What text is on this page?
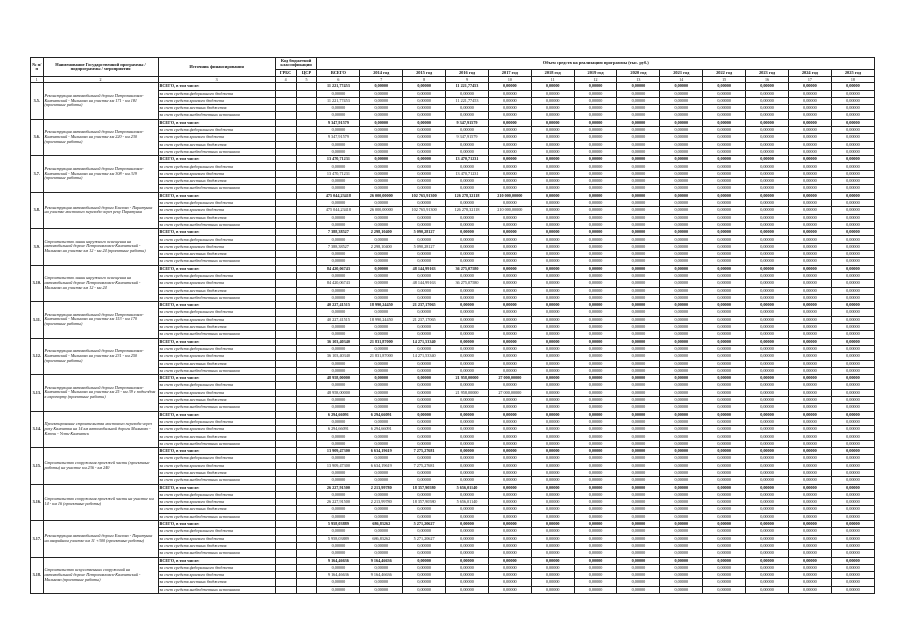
№ п/п	Наименование Государственной программы / подпрограммы / мероприятия	Источник финансирования	Код бюджетной классификации		Объем средств на реализацию программы (тыс. руб.)												
			ГРБС	ЦСР	ВСЕГО	2014 год	2015 год	2016 год	2017 год	2018 год	2019 год	2020 год	2021 год	2022 год	2023 год	2024 год	2025 год

1	2	3	4	5	6	7	8	9	10	11	12	13	14	15	16	17	18
3.5.	Реконструкция автомобильной дороги Петропавловск-Камчатский - Мильково на участке км 171 - км 181 (проектные работы)	ВСЕГО, в том числе:			11 221,77453	0,00000	0,00000	11 221,77453	0,00000	0,00000	0,00000	0,00000	0,00000	0,00000	0,00000	0,00000	0,00000
		за счет средств федерального бюджета			0,00000	0,00000	0,00000	0,00000	0,00000	0,00000	0,00000	0,00000	0,00000	0,00000	0,00000	0,00000	0,00000
		за счет средств краевого бюджета			11 221,77453	0,00000	0,00000	11 221,77453	0,00000	0,00000	0,00000	0,00000	0,00000	0,00000	0,00000	0,00000	0,00000
		за счет средств местных бюджетов			0,00000	0,00000	0,00000	0,00000	0,00000	0,00000	0,00000	0,00000	0,00000	0,00000	0,00000	0,00000	0,00000
		за счет средств внебюджетных источников			0,00000	0,00000	0,00000	0,00000	0,00000	0,00000	0,00000	0,00000	0,00000	0,00000	0,00000	0,00000	0,00000
3.6.	Реконструкция автомобильной дороги Петропавловск-Камчатский - Мильково на участке км 220 - км 230 (проектные работы)	ВСЕГО, в том числе:			9 347,91579	0,00000	0,00000	9 347,91579	0,00000	0,00000	0,00000	0,00000	0,00000	0,00000	0,00000	0,00000	0,00000
		за счет средств федерального бюджета			0,00000	0,00000	0,00000	0,00000	0,00000	0,00000	0,00000	0,00000	0,00000	0,00000	0,00000	0,00000	0,00000
		за счет средств краевого бюджета			9 347,91579	0,00000	0,00000	9 347,91579	0,00000	0,00000	0,00000	0,00000	0,00000	0,00000	0,00000	0,00000	0,00000
		за счет средств местных бюджетов			0,00000	0,00000	0,00000	0,00000	0,00000	0,00000	0,00000	0,00000	0,00000	0,00000	0,00000	0,00000	0,00000
		за счет средств внебюджетных источников			0,00000	0,00000	0,00000	0,00000	0,00000	0,00000	0,00000	0,00000	0,00000	0,00000	0,00000	0,00000	0,00000
3.7.	Реконструкция автомобильной дороги Петропавловск-Камчатский - Мильково на участке км 308 - км 319 (проектные работы)	ВСЕГО, в том числе:			13 470,71231	0,00000	0,00000	13 470,71231	0,00000	0,00000	0,00000	0,00000	0,00000	0,00000	0,00000	0,00000	0,00000
		за счет средств федерального бюджета			0,00000	0,00000	0,00000	0,00000	0,00000	0,00000	0,00000	0,00000	0,00000	0,00000	0,00000	0,00000	0,00000
		за счет средств краевого бюджета			13 470,71231	0,00000	0,00000	13 470,71231	0,00000	0,00000	0,00000	0,00000	0,00000	0,00000	0,00000	0,00000	0,00000
		за счет средств местных бюджетов			0,00000	0,00000	0,00000	0,00000	0,00000	0,00000	0,00000	0,00000	0,00000	0,00000	0,00000	0,00000	0,00000
		за счет средств внебюджетных источников			0,00000	0,00000	0,00000	0,00000	0,00000	0,00000	0,00000	0,00000	0,00000	0,00000	0,00000	0,00000	0,00000
3.8.	Реконструкция автомобильной дороги Елизово - Паратунка на участке мостового перехода через реку Паратунка	ВСЕГО, в том числе:			475 044,23418	26 000,00000	102 765,91300	126 278,32118	210 000,00000	0,00000	0,00000	0,00000	0,00000	0,00000	0,00000	0,00000	0,00000
		за счет средств федерального бюджета			0,00000	0,00000	0,00000	0,00000	0,00000	0,00000	0,00000	0,00000	0,00000	0,00000	0,00000	0,00000	0,00000
		за счет средств краевого бюджета			475 044,23418	26 000,00000	102 765,91300	126 278,32118	210 000,00000	0,00000	0,00000	0,00000	0,00000	0,00000	0,00000	0,00000	0,00000
		за счет средств местных бюджетов			0,00000	0,00000	0,00000	0,00000	0,00000	0,00000	0,00000	0,00000	0,00000	0,00000	0,00000	0,00000	0,00000
		за счет средств внебюджетных источников			0,00000	0,00000	0,00000	0,00000	0,00000	0,00000	0,00000	0,00000	0,00000	0,00000	0,00000	0,00000	0,00000
3.9.	Строительство линии наружного освещения на автомобильной дороге Петропавловск-Камчатский - Мильково на участке км 12 - км 24 (проектные работы)	ВСЕГО, в том числе:			7 388,38527	2 298,10400	5 090,28127	0,00000	0,00000	0,00000	0,00000	0,00000	0,00000	0,00000	0,00000	0,00000	0,00000
		за счет средств федерального бюджета			0,00000	0,00000	0,00000	0,00000	0,00000	0,00000	0,00000	0,00000	0,00000	0,00000	0,00000	0,00000	0,00000
		за счет средств краевого бюджета			7 388,38527	2 298,10400	5 090,28127	0,00000	0,00000	0,00000	0,00000	0,00000	0,00000	0,00000	0,00000	0,00000	0,00000
		за счет средств местных бюджетов			0,00000	0,00000	0,00000	0,00000	0,00000	0,00000	0,00000	0,00000	0,00000	0,00000	0,00000	0,00000	0,00000
		за счет средств внебюджетных источников			0,00000	0,00000	0,00000	0,00000	0,00000	0,00000	0,00000	0,00000	0,00000	0,00000	0,00000	0,00000	0,00000
3.10.	Строительство линии наружного освещения на автомобильной дороге Петропавловск-Камчатский - Мильково на участке км 12 - км 24	ВСЕГО, в том числе:			84 420,06743	0,00000	48 144,99163	36 275,07580	0,00000	0,00000	0,00000	0,00000	0,00000	0,00000	0,00000	0,00000	0,00000
		за счет средств федерального бюджета			0,00000	0,00000	0,00000	0,00000	0,00000	0,00000	0,00000	0,00000	0,00000	0,00000	0,00000	0,00000	0,00000
		за счет средств краевого бюджета			84 420,06743	0,00000	48 144,99163	36 275,07580	0,00000	0,00000	0,00000	0,00000	0,00000	0,00000	0,00000	0,00000	0,00000
		за счет средств местных бюджетов			0,00000	0,00000	0,00000	0,00000	0,00000	0,00000	0,00000	0,00000	0,00000	0,00000	0,00000	0,00000	0,00000
		за счет средств внебюджетных источников			0,00000	0,00000	0,00000	0,00000	0,00000	0,00000	0,00000	0,00000	0,00000	0,00000	0,00000	0,00000	0,00000
3.11.	Реконструкция автомобильной дороги Петропавловск-Камчатский - Мильково на участке км 153 - км 170 (проектные работы)	ВСЕГО, в том числе:			40 227,41515	18 990,24450	21 237,17065	0,00000	0,00000	0,00000	0,00000	0,00000	0,00000	0,00000	0,00000	0,00000	0,00000
		за счет средств федерального бюджета			0,00000	0,00000	0,00000	0,00000	0,00000	0,00000	0,00000	0,00000	0,00000	0,00000	0,00000	0,00000	0,00000
		за счет средств краевого бюджета			40 227,41515	18 990,24450	21 237,17065	0,00000	0,00000	0,00000	0,00000	0,00000	0,00000	0,00000	0,00000	0,00000	0,00000
		за счет средств местных бюджетов			0,00000	0,00000	0,00000	0,00000	0,00000	0,00000	0,00000	0,00000	0,00000	0,00000	0,00000	0,00000	0,00000
		за счет средств внебюджетных источников			0,00000	0,00000	0,00000	0,00000	0,00000	0,00000	0,00000	0,00000	0,00000	0,00000	0,00000	0,00000	0,00000
3.12.	Реконструкция автомобильной дороги Петропавловск-Камчатский - Мильково на участке км 231 - км 250 (проектные работы)	ВСЕГО, в том числе:			36 103,40340	21 831,87000	14 271,53340	0,00000	0,00000	0,00000	0,00000	0,00000	0,00000	0,00000	0,00000	0,00000	0,00000
		за счет средств федерального бюджета			0,00000	0,00000	0,00000	0,00000	0,00000	0,00000	0,00000	0,00000	0,00000	0,00000	0,00000	0,00000	0,00000
		за счет средств краевого бюджета			36 103,40340	21 831,87000	14 271,53340	0,00000	0,00000	0,00000	0,00000	0,00000	0,00000	0,00000	0,00000	0,00000	0,00000
		за счет средств местных бюджетов			0,00000	0,00000	0,00000	0,00000	0,00000	0,00000	0,00000	0,00000	0,00000	0,00000	0,00000	0,00000	0,00000
		за счет средств внебюджетных источников			0,00000	0,00000	0,00000	0,00000	0,00000	0,00000	0,00000	0,00000	0,00000	0,00000	0,00000	0,00000	0,00000
3.13.	Реконструкция автомобильной дороги Петропавловск-Камчатский - Мильково на участке км 25 - км 39 с подъездом к аэропорту (проектные работы)	ВСЕГО, в том числе:			48 958,00000	0,00000	0,00000	21 958,00000	27 000,00000	0,00000	0,00000	0,00000	0,00000	0,00000	0,00000	0,00000	0,00000
		за счет средств федерального бюджета			0,00000	0,00000	0,00000	0,00000	0,00000	0,00000	0,00000	0,00000	0,00000	0,00000	0,00000	0,00000	0,00000
		за счет средств краевого бюджета			48 958,00000	0,00000	0,00000	21 958,00000	27 000,00000	0,00000	0,00000	0,00000	0,00000	0,00000	0,00000	0,00000	0,00000
		за счет средств местных бюджетов			0,00000	0,00000	0,00000	0,00000	0,00000	0,00000	0,00000	0,00000	0,00000	0,00000	0,00000	0,00000	0,00000
		за счет средств внебюджетных источников			0,00000	0,00000	0,00000	0,00000	0,00000	0,00000	0,00000	0,00000	0,00000	0,00000	0,00000	0,00000	0,00000
3.14.	Проектирование строительства мостового перехода через реку Камчатка на 14 км автомобильной дороги Мильково - Ключи - Усть-Камчатск	ВСЕГО, в том числе:			6 294,66091	6 294,66091	0,00000	0,00000	0,00000	0,00000	0,00000	0,00000	0,00000	0,00000	0,00000	0,00000	0,00000
		за счет средств федерального бюджета			0,00000	0,00000	0,00000	0,00000	0,00000	0,00000	0,00000	0,00000	0,00000	0,00000	0,00000	0,00000	0,00000
		за счет средств краевого бюджета			6 294,66091	6 294,66091	0,00000	0,00000	0,00000	0,00000	0,00000	0,00000	0,00000	0,00000	0,00000	0,00000	0,00000
		за счет средств местных бюджетов			0,00000	0,00000	0,00000	0,00000	0,00000	0,00000	0,00000	0,00000	0,00000	0,00000	0,00000	0,00000	0,00000
		за счет средств внебюджетных источников			0,00000	0,00000	0,00000	0,00000	0,00000	0,00000	0,00000	0,00000	0,00000	0,00000	0,00000	0,00000	0,00000
3.15.	Строительство сооружения проезжей части (проектные работы) на участке км 236 - км 240	ВСЕГО, в том числе:			13 909,47300	6 634,19619	7 275,27681	0,00000	0,00000	0,00000	0,00000	0,00000	0,00000	0,00000	0,00000	0,00000	0,00000
		за счет средств федерального бюджета			0,00000	0,00000	0,00000	0,00000	0,00000	0,00000	0,00000	0,00000	0,00000	0,00000	0,00000	0,00000	0,00000
		за счет средств краевого бюджета			13 909,47300	6 634,19619	7 275,27681	0,00000	0,00000	0,00000	0,00000	0,00000	0,00000	0,00000	0,00000	0,00000	0,00000
		за счет средств местных бюджетов			0,00000	0,00000	0,00000	0,00000	0,00000	0,00000	0,00000	0,00000	0,00000	0,00000	0,00000	0,00000	0,00000
		за счет средств внебюджетных источников			0,00000	0,00000	0,00000	0,00000	0,00000	0,00000	0,00000	0,00000	0,00000	0,00000	0,00000	0,00000	0,00000
3.16.	Строительство сооружения проезжей части на участке км 14 - км 16 (проектные работы)	ВСЕГО, в том числе:			26 227,91500	2 213,99780	18 357,90580	5 656,01140	0,00000	0,00000	0,00000	0,00000	0,00000	0,00000	0,00000	0,00000	0,00000
		за счет средств федерального бюджета			0,00000	0,00000	0,00000	0,00000	0,00000	0,00000	0,00000	0,00000	0,00000	0,00000	0,00000	0,00000	0,00000
		за счет средств краевого бюджета			26 227,91500	2 213,99780	18 357,90580	5 656,01140	0,00000	0,00000	0,00000	0,00000	0,00000	0,00000	0,00000	0,00000	0,00000
		за счет средств местных бюджетов			0,00000	0,00000	0,00000	0,00000	0,00000	0,00000	0,00000	0,00000	0,00000	0,00000	0,00000	0,00000	0,00000
		за счет средств внебюджетных источников			0,00000	0,00000	0,00000	0,00000	0,00000	0,00000	0,00000	0,00000	0,00000	0,00000	0,00000	0,00000	0,00000
3.17.	Реконструкция автомобильной дороги Елизово - Паратунка на аварийном участке км 11 +300 (проектные работы)	ВСЕГО, в том числе:			5 958,03889	686,83262	5 271,20627	0,00000	0,00000	0,00000	0,00000	0,00000	0,00000	0,00000	0,00000	0,00000	0,00000
		за счет средств федерального бюджета			0,00000	0,00000	0,00000	0,00000	0,00000	0,00000	0,00000	0,00000	0,00000	0,00000	0,00000	0,00000	0,00000
		за счет средств краевого бюджета			5 958,03889	686,83262	5 271,20627	0,00000	0,00000	0,00000	0,00000	0,00000	0,00000	0,00000	0,00000	0,00000	0,00000
		за счет средств местных бюджетов			0,00000	0,00000	0,00000	0,00000	0,00000	0,00000	0,00000	0,00000	0,00000	0,00000	0,00000	0,00000	0,00000
		за счет средств внебюджетных источников			0,00000	0,00000	0,00000	0,00000	0,00000	0,00000	0,00000	0,00000	0,00000	0,00000	0,00000	0,00000	0,00000
3.18.	Строительство искусственных сооружений на автомобильной дороге Петропавловск-Камчатский - Мильково (проектные работы)	ВСЕГО, в том числе:			9 164,46636	9 164,46636	0,00000	0,00000	0,00000	0,00000	0,00000	0,00000	0,00000	0,00000	0,00000	0,00000	0,00000
		за счет средств федерального бюджета			0,00000	0,00000	0,00000	0,00000	0,00000	0,00000	0,00000	0,00000	0,00000	0,00000	0,00000	0,00000	0,00000
		за счет средств краевого бюджета			9 164,46636	9 164,46636	0,00000	0,00000	0,00000	0,00000	0,00000	0,00000	0,00000	0,00000	0,00000	0,00000	0,00000
		за счет средств местных бюджетов			0,00000	0,00000	0,00000	0,00000	0,00000	0,00000	0,00000	0,00000	0,00000	0,00000	0,00000	0,00000	0,00000
		за счет средств внебюджетных источников			0,00000	0,00000	0,00000	0,00000	0,00000	0,00000	0,00000	0,00000	0,00000	0,00000	0,00000	0,00000	0,00000
